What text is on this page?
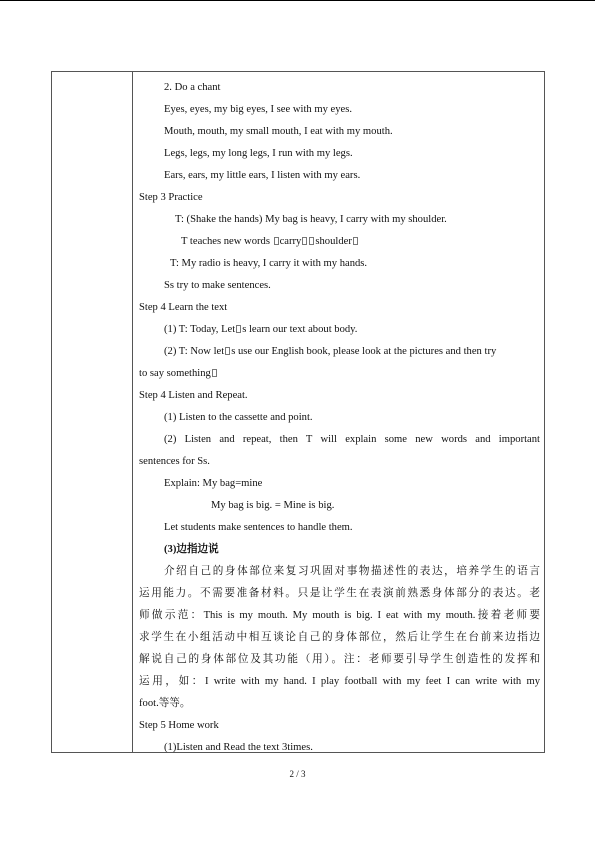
2. Do a chant
Eyes, eyes, my big eyes, I see with my eyes.
Mouth, mouth, my small mouth, I eat with my mouth.
Legs, legs, my long legs, I run with my legs.
Ears, ears, my little ears, I listen with my ears.
Step 3 Practice
T: (Shake the hands) My bag is heavy, I carry with my shoulder.
T teaches new words carry shoulder
T: My radio is heavy, I carry it with my hands.
Ss try to make sentences.
Step 4 Learn the text
(1) T: Today, Let s learn our text about body.
(2) T: Now let s use our English book, please look at the pictures and then try
to say something
Step 4 Listen and Repeat.
(1) Listen to the cassette and point.
(2) Listen and repeat, then T will explain some new words and important
sentences for Ss.
Explain: My bag=mine
My bag is big. = Mine is big.
Let students make sentences to handle them.
(3)边指边说
介绍自己的身体部位来复习巩固对事物描述性的表达，培养学生的语言
运用能力。不需要准备材料。只是让学生在表演前熟悉身体部分的表达。老
师做示范：This is my mouth. My mouth is big. I eat with my mouth.接着老师要
求学生在小组活动中相互谈论自己的身体部位，然后让学生在台前来边指边
解说自己的身体部位及其功能（用）。注：老师要引导学生创造性的发挥和
运用，如：I write with my hand. I play football with my feet I can write with my
foot.等等。
Step 5 Home work
(1)Listen and Read the text 3times.
2 / 3
